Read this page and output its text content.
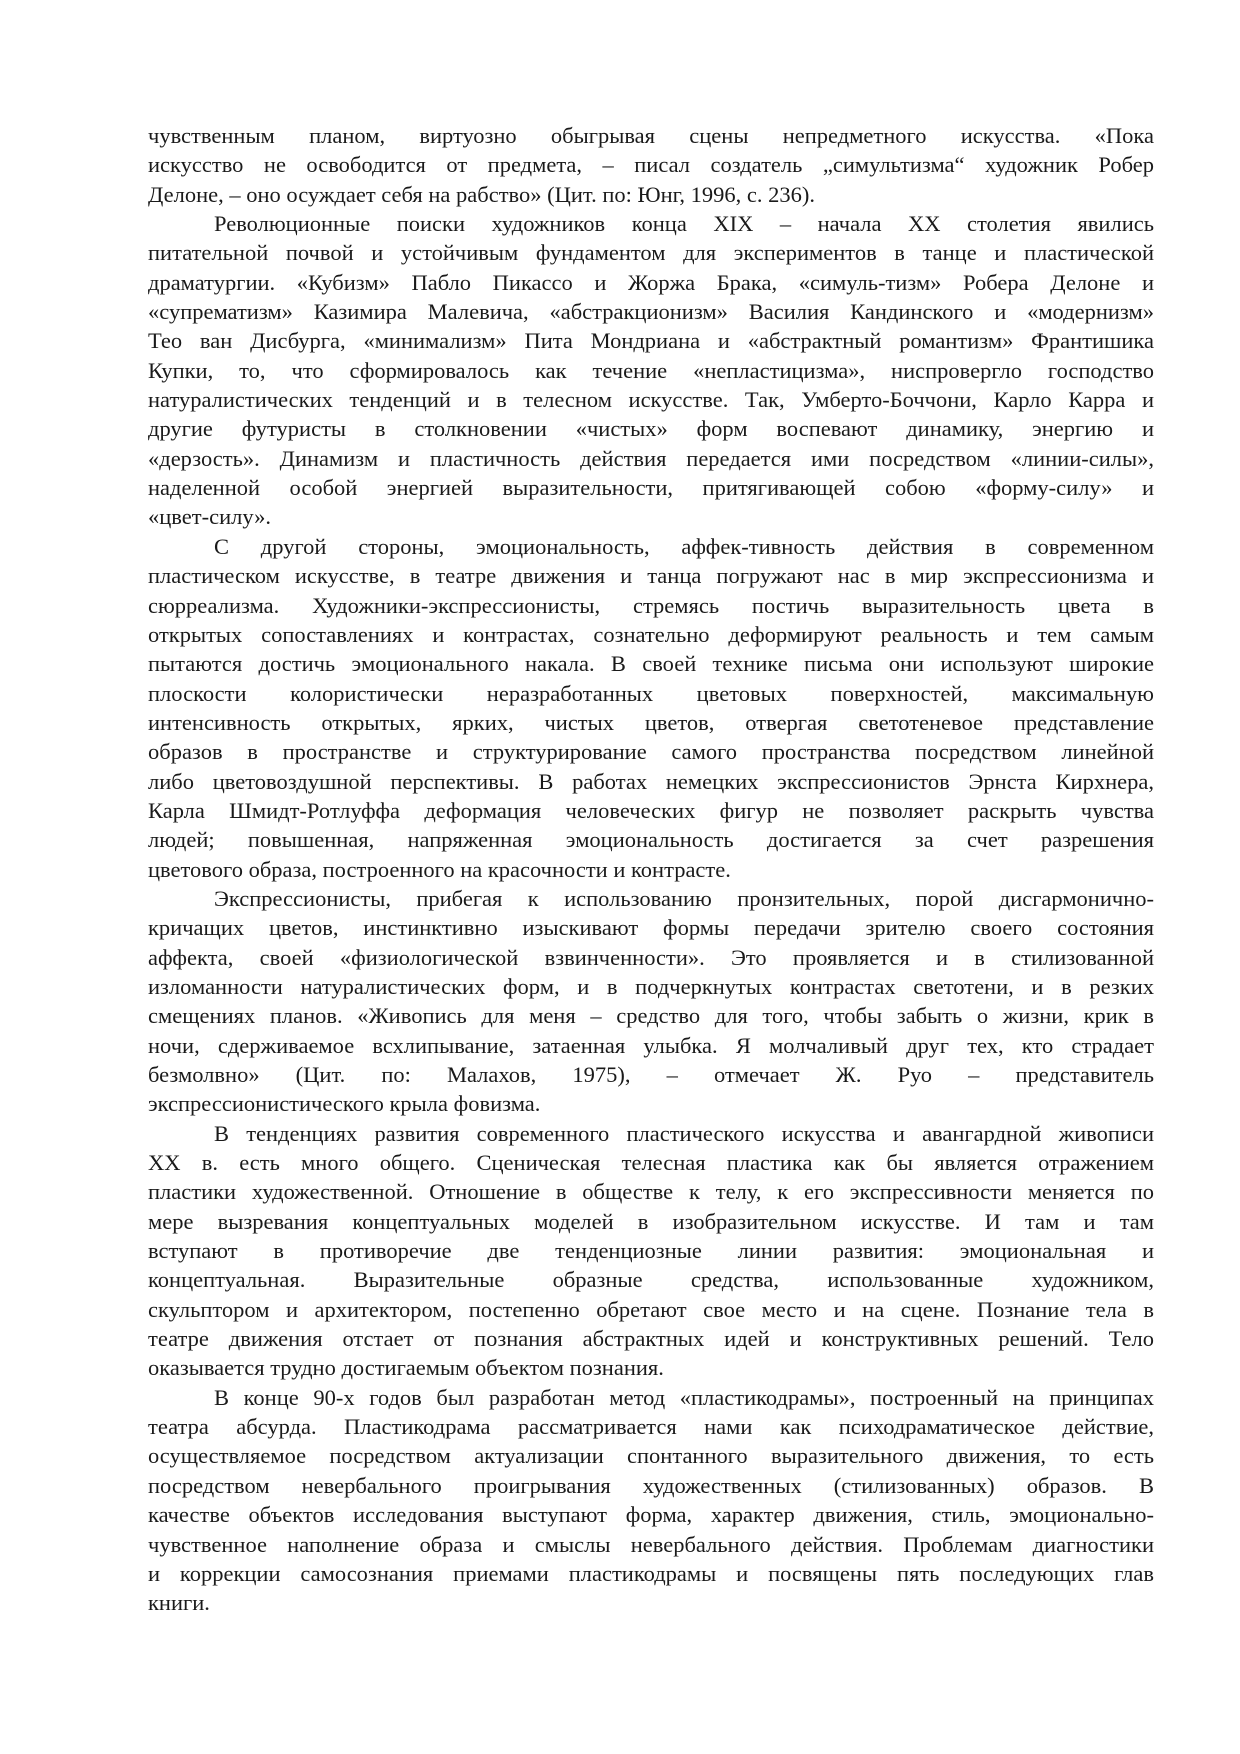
чувственным планом, виртуозно обыгрывая сцены непредметного искусства. «Пока
искусство не освободится от предмета, – писал создатель „симультизма“ художник Робер
Делоне, – оно осуждает себя на рабство» (Цит. по: Юнг, 1996, с. 236).
Революционные поиски художников конца XIX – начала XX столетия явились
питательной почвой и устойчивым фундаментом для экспериментов в танце и пластической
драматургии. «Кубизм» Пабло Пикассо и Жоржа Брака, «симуль-тизм» Робера Делоне и
«супрематизм» Казимира Малевича, «абстракционизм» Василия Кандинского и «модернизм»
Тео ван Дисбурга, «минимализм» Пита Мондриана и «абстрактный романтизм» Франтишика
Купки, то, что сформировалось как течение «непластицизма», ниспровергло господство
натуралистических тенденций и в телесном искусстве. Так, Умберто-Боччони, Карло Карра и
другие футуристы в столкновении «чистых» форм воспевают динамику, энергию и
«дерзость». Динамизм и пластичность действия передается ими посредством «линии-силы»,
наделенной особой энергией выразительности, притягивающей собою «форму-силу» и
«цвет-силу».
С другой стороны, эмоциональность, аффек-тивность действия в современном
пластическом искусстве, в театре движения и танца погружают нас в мир экспрессионизма и
сюрреализма. Художники-экспрессионисты, стремясь постичь выразительность цвета в
открытых сопоставлениях и контрастах, сознательно деформируют реальность и тем самым
пытаются достичь эмоционального накала. В своей технике письма они используют широкие
плоскости колористически неразработанных цветовых поверхностей, максимальную
интенсивность открытых, ярких, чистых цветов, отвергая светотеневое представление
образов в пространстве и структурирование самого пространства посредством линейной
либо цветовоздушной перспективы. В работах немецких экспрессионистов Эрнста Кирхнера,
Карла Шмидт-Ротлуффа деформация человеческих фигур не позволяет раскрыть чувства
людей; повышенная, напряженная эмоциональность достигается за счет разрешения
цветового образа, построенного на красочности и контрасте.
Экспрессионисты, прибегая к использованию пронзительных, порой дисгармонично-
кричащих цветов, инстинктивно изыскивают формы передачи зрителю своего состояния
аффекта, своей «физиологической взвинченности». Это проявляется и в стилизованной
изломанности натуралистических форм, и в подчеркнутых контрастах светотени, и в резких
смещениях планов. «Живопись для меня – средство для того, чтобы забыть о жизни, крик в
ночи, сдерживаемое всхлипывание, затаенная улыбка. Я молчаливый друг тех, кто страдает
безмолвно» (Цит. по: Малахов, 1975), – отмечает Ж. Руо – представитель
экспрессионистического крыла фовизма.
В тенденциях развития современного пластического искусства и авангардной живописи
XX в. есть много общего. Сценическая телесная пластика как бы является отражением
пластики художественной. Отношение в обществе к телу, к его экспрессивности меняется по
мере вызревания концептуальных моделей в изобразительном искусстве. И там и там
вступают в противоречие две тенденциозные линии развития: эмоциональная и
концептуальная. Выразительные образные средства, использованные художником,
скульптором и архитектором, постепенно обретают свое место и на сцене. Познание тела в
театре движения отстает от познания абстрактных идей и конструктивных решений. Тело
оказывается трудно достигаемым объектом познания.
В конце 90-х годов был разработан метод «пластикодрамы», построенный на принципах
театра абсурда. Пластикодрама рассматривается нами как психодраматическое действие,
осуществляемое посредством актуализации спонтанного выразительного движения, то есть
посредством невербального проигрывания художественных (стилизованных) образов. В
качестве объектов исследования выступают форма, характер движения, стиль, эмоционально-
чувственное наполнение образа и смыслы невербального действия. Проблемам диагностики
и коррекции самосознания приемами пластикодрамы и посвящены пять последующих глав
книги.
